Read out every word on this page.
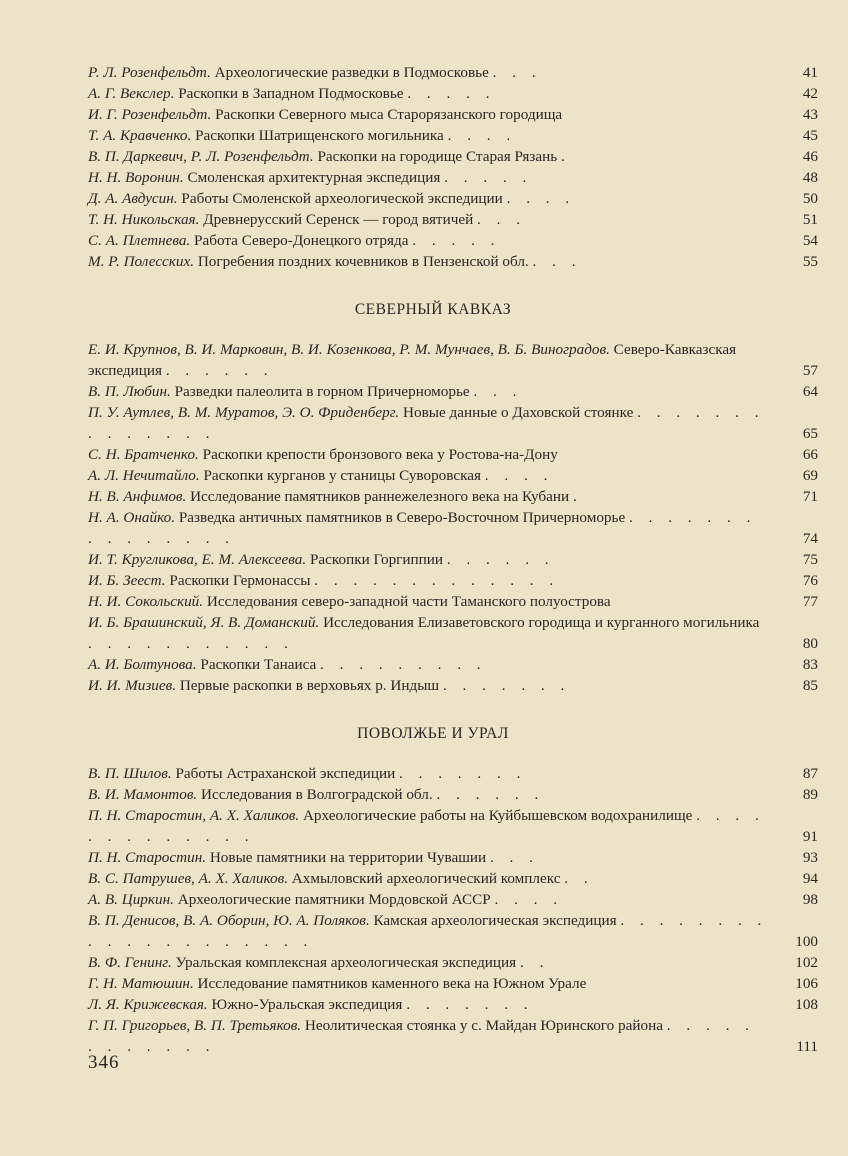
Р. Л. Розенфельдт. Археологические разведки в Подмосковье . . .	41
А. Г. Векслер. Раскопки в Западном Подмосковье . . . . .	42
И. Г. Розенфельдт. Раскопки Северного мыса Старорязанского городища	43
Т. А. Кравченко. Раскопки Шатрищенского могильника . . . .	45
В. П. Даркевич, Р. Л. Розенфельдт. Раскопки на городище Старая Рязань .	46
Н. Н. Воронин. Смоленская архитектурная экспедиция . . . . .	48
Д. А. Авдусин. Работы Смоленской археологической экспедиции . . . .	50
Т. Н. Никольская. Древнерусский Серенск — город вятичей . . .	51
С. А. Плетнева. Работа Северо-Донецкого отряда . . . . .	54
М. Р. Полесских. Погребения поздних кочевников в Пензенской обл. . . .	55
СЕВЕРНЫЙ КАВКАЗ
Е. И. Крупнов, В. И. Марковин, В. И. Козенкова, Р. М. Мунчаев, В. Б. Виноградов. Северо-Кавказская экспедиция . . . . . .	57
В. П. Любин. Разведки палеолита в горном Причерноморье . . .	64
П. У. Аутлев, В. М. Муратов, Э. О. Фриденберг. Новые данные о Даховской стоянке . . . . . . . . . . . . . .	65
С. Н. Братченко. Раскопки крепости бронзового века у Ростова-на-Дону	66
А. Л. Нечитайло. Раскопки курганов у станицы Суворовская . . . .	69
Н. В. Анфимов. Исследование памятников раннежелезного века на Кубани .	71
Н. А. Онайко. Разведка античных памятников в Северо-Восточном Причерноморье . . . . . . . . . . . . . . .	74
И. Т. Кругликова, Е. М. Алексеева. Раскопки Горгиппии . . . . . .	75
И. Б. Зеест. Раскопки Гермонассы . . . . . . . . . . . . .	76
Н. И. Сокольский. Исследования северо-западной части Таманского полуострова	77
И. Б. Брашинский, Я. В. Доманский. Исследования Елизаветовского городища и курганного могильника . . . . . . . . . . .	80
А. И. Болтунова. Раскопки Танаиса . . . . . . . . .	83
И. И. Мизиев. Первые раскопки в верховьях р. Индыш . . . . . . .	85
ПОВОЛЖЬЕ И УРАЛ
В. П. Шилов. Работы Астраханской экспедиции . . . . . . .	87
В. И. Мамонтов. Исследования в Волгоградской обл. . . . . . .	89
П. Н. Старостин, А. Х. Халиков. Археологические работы на Куйбышевском водохранилище . . . . . . . . . . . . .	91
П. Н. Старостин. Новые памятники на территории Чувашии . . .	93
В. С. Патрушев, А. Х. Халиков. Ахмыловский археологический комплекс . .	94
А. В. Циркин. Археологические памятники Мордовской АССР . . . .	98
В. П. Денисов, В. А. Оборин, Ю. А. Поляков. Камская археологическая экспедиция . . . . . . . . . . . . . . . . . . . .	100
В. Ф. Генинг. Уральская комплексная археологическая экспедиция . .	102
Г. Н. Матюшин. Исследование памятников каменного века на Южном Урале	106
Л. Я. Крижевская. Южно-Уральская экспедиция . . . . . . .	108
Г. П. Григорьев, В. П. Третьяков. Неолитическая стоянка у с. Майдан Юринского района . . . . . . . . . . . .	111
346
